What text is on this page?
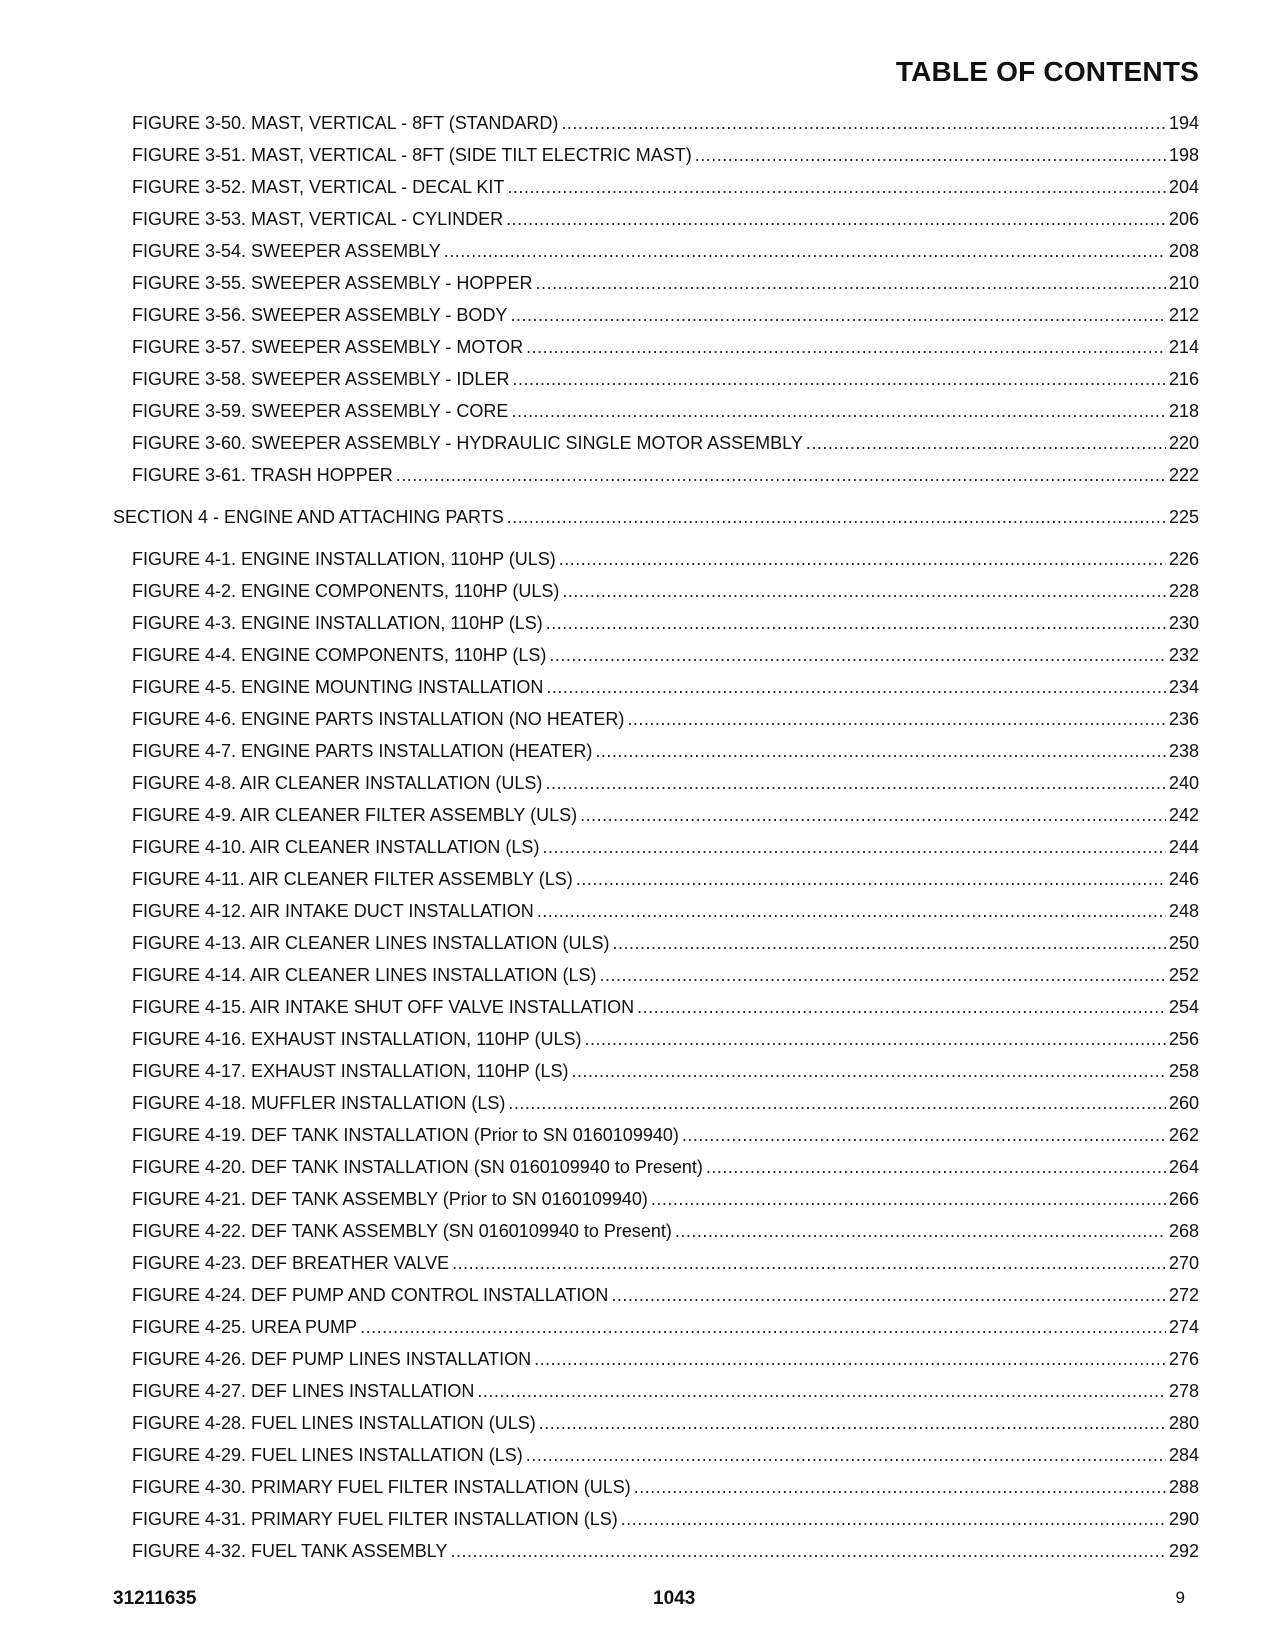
TABLE OF CONTENTS
FIGURE 3-50. MAST, VERTICAL - 8FT (STANDARD) .....	194
FIGURE 3-51. MAST, VERTICAL - 8FT (SIDE TILT ELECTRIC MAST) .....	198
FIGURE 3-52. MAST, VERTICAL - DECAL KIT .....	204
FIGURE 3-53. MAST, VERTICAL - CYLINDER .....	206
FIGURE 3-54. SWEEPER ASSEMBLY .....	208
FIGURE 3-55. SWEEPER ASSEMBLY - HOPPER .....	210
FIGURE 3-56. SWEEPER ASSEMBLY - BODY .....	212
FIGURE 3-57. SWEEPER ASSEMBLY - MOTOR .....	214
FIGURE 3-58. SWEEPER ASSEMBLY - IDLER .....	216
FIGURE 3-59. SWEEPER ASSEMBLY - CORE .....	218
FIGURE 3-60. SWEEPER ASSEMBLY - HYDRAULIC SINGLE MOTOR ASSEMBLY .....	220
FIGURE 3-61. TRASH HOPPER .....	222
SECTION 4 - ENGINE AND ATTACHING PARTS .....	225
FIGURE 4-1. ENGINE INSTALLATION, 110HP (ULS) .....	226
FIGURE 4-2. ENGINE COMPONENTS, 110HP (ULS) .....	228
FIGURE 4-3. ENGINE INSTALLATION, 110HP (LS) .....	230
FIGURE 4-4. ENGINE COMPONENTS, 110HP (LS) .....	232
FIGURE 4-5. ENGINE MOUNTING INSTALLATION .....	234
FIGURE 4-6. ENGINE PARTS INSTALLATION (NO HEATER) .....	236
FIGURE 4-7. ENGINE PARTS INSTALLATION (HEATER) .....	238
FIGURE 4-8. AIR CLEANER INSTALLATION (ULS) .....	240
FIGURE 4-9. AIR CLEANER FILTER ASSEMBLY (ULS) .....	242
FIGURE 4-10. AIR CLEANER INSTALLATION (LS) .....	244
FIGURE 4-11. AIR CLEANER FILTER ASSEMBLY (LS) .....	246
FIGURE 4-12. AIR INTAKE DUCT INSTALLATION .....	248
FIGURE 4-13. AIR CLEANER LINES INSTALLATION (ULS) .....	250
FIGURE 4-14. AIR CLEANER LINES INSTALLATION (LS) .....	252
FIGURE 4-15. AIR INTAKE SHUT OFF VALVE INSTALLATION .....	254
FIGURE 4-16. EXHAUST INSTALLATION, 110HP (ULS) .....	256
FIGURE 4-17. EXHAUST INSTALLATION, 110HP (LS) .....	258
FIGURE 4-18. MUFFLER INSTALLATION (LS) .....	260
FIGURE 4-19. DEF TANK INSTALLATION (Prior to SN 0160109940) .....	262
FIGURE 4-20. DEF TANK INSTALLATION (SN 0160109940 to Present) .....	264
FIGURE 4-21. DEF TANK ASSEMBLY (Prior to SN 0160109940) .....	266
FIGURE 4-22. DEF TANK ASSEMBLY (SN 0160109940 to Present) .....	268
FIGURE 4-23. DEF BREATHER VALVE .....	270
FIGURE 4-24. DEF PUMP AND CONTROL INSTALLATION .....	272
FIGURE 4-25. UREA PUMP .....	274
FIGURE 4-26. DEF PUMP LINES INSTALLATION .....	276
FIGURE 4-27. DEF LINES INSTALLATION .....	278
FIGURE 4-28. FUEL LINES INSTALLATION (ULS) .....	280
FIGURE 4-29. FUEL LINES INSTALLATION (LS) .....	284
FIGURE 4-30. PRIMARY FUEL FILTER INSTALLATION (ULS) .....	288
FIGURE 4-31. PRIMARY FUEL FILTER INSTALLATION (LS) .....	290
FIGURE 4-32. FUEL TANK ASSEMBLY .....	292
31211635	1043	9
